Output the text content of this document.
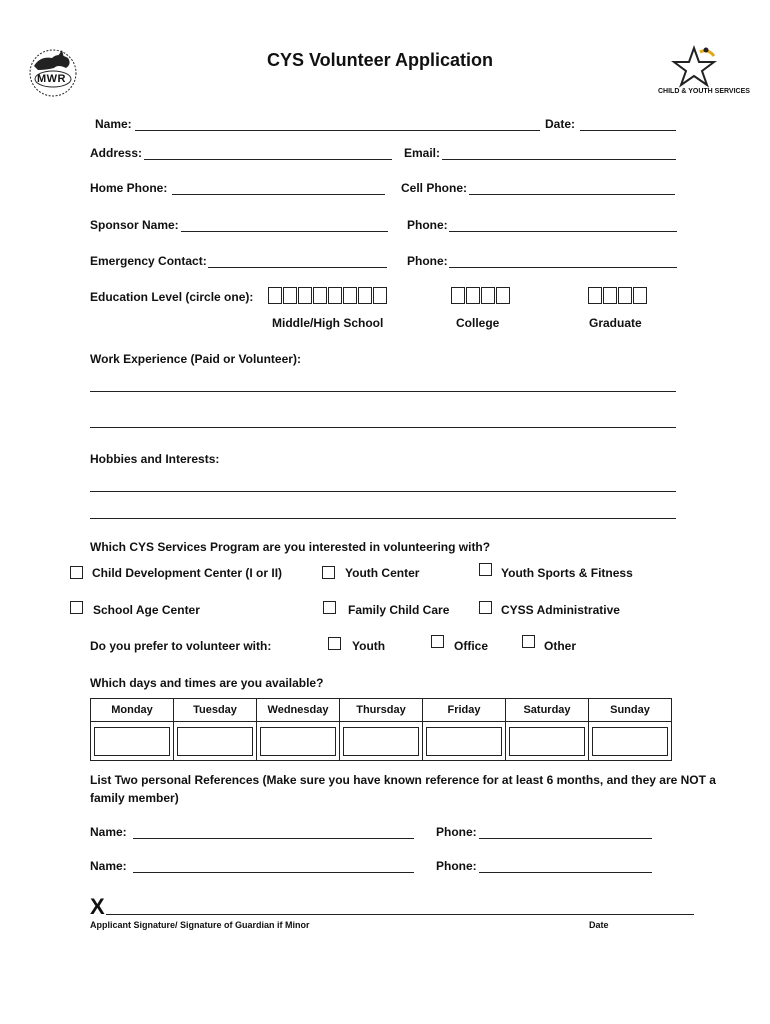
MWR
CYS Volunteer Application
CHILD & YOUTH SERVICES
Name:	Date:
Address:	Email:
Home Phone:	Cell Phone:
Sponsor Name:	Phone:
Emergency Contact:	Phone:
Education Level (circle one):
Middle/High School	College	Graduate
Work Experience (Paid or Volunteer):
Hobbies and Interests:
Which CYS Services Program are you interested in volunteering with?
Child Development Center (I or II)	Youth Center	Youth Sports & Fitness
School Age Center	Family Child Care	CYSS Administrative
Do you prefer to volunteer with:	Youth	Office	Other
Which days and times are you available?
Monday	Tuesday	Wednesday	Thursday	Friday	Saturday	Sunday

List Two personal References (Make sure you have known reference for at least 6 months, and they are NOT a
family member)
Name:	Phone:
Name:	Phone:
X
Applicant Signature/ Signature of Guardian if Minor	Date
